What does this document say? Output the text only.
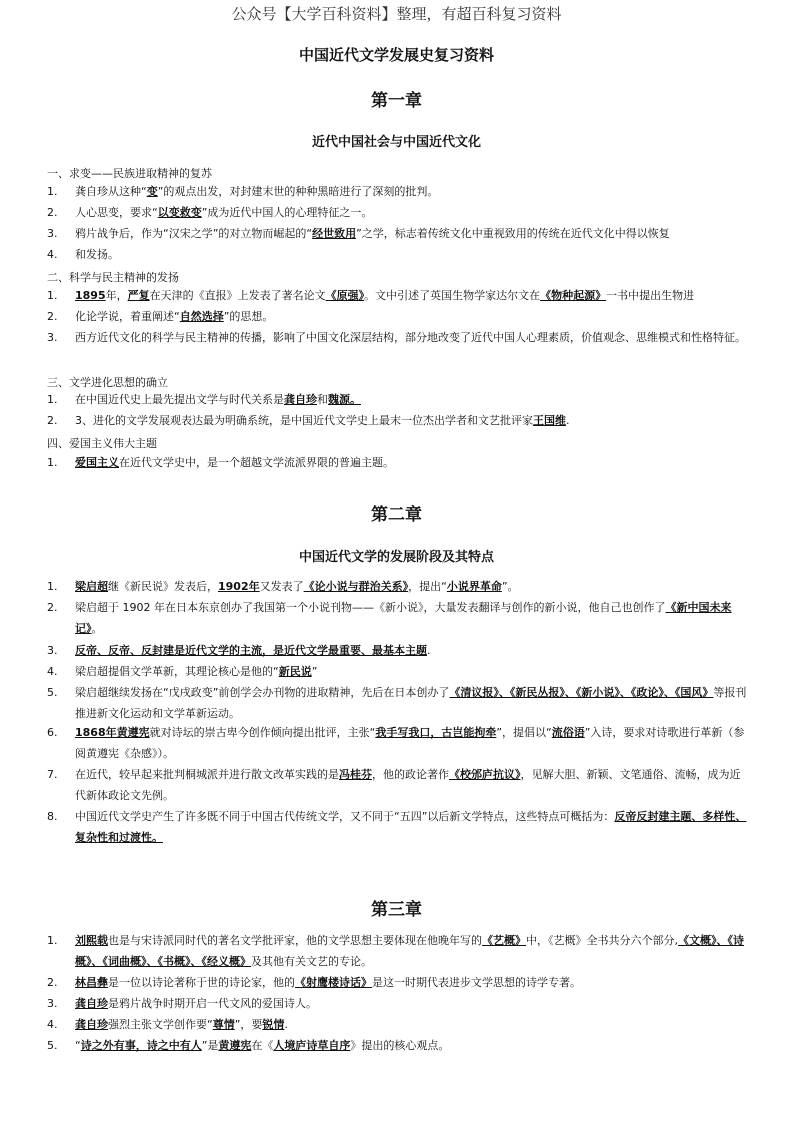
公众号【大学百科资料】整理，有超百科复习资料
中国近代文学发展史复习资料
第一章
近代中国社会与中国近代文化
一、求变——民族进取精神的复苏
1.	龚自珍从这种“变”的观点出发，对封建末世的种种黑暗进行了深刻的批判。
2.	人心思变，要求“以变救变”成为近代中国人的心理特征之一。
3.	鸦片战争后，作为“汉宋之学”的对立物而崛起的“经世致用”之学，标志着传统文化中重视致用的传统在近代文化中得以恢复
4.	和发扬。
二、科学与民主精神的发扬
1.	1895年，严复在天津的《直报》上发表了著名论文《原强》。文中引述了英国生物学家达尔文在《物种起源》一书中提出生物进
2.	化论学说，着重阐述“自然选择”的思想。
3.	西方近代文化的科学与民主精神的传播，影响了中国文化深层结构，部分地改变了近代中国人心理素质，价值观念、思维模式和性格特征。
三、文学进化思想的确立
1.	在中国近代史上最先提出文学与时代关系是龚自珍和魏源。
2.	3、进化的文学发展观表达最为明确系统，是中国近代文学史上最末一位杰出学者和文艺批评家王国维.
四、爱国主义伟大主题
1.	爱国主义在近代文学史中，是一个超越文学流派界限的普遍主题。
第二章
中国近代文学的发展阶段及其特点
1.	梁启超继《新民说》发表后，1902年又发表了《论小说与群治关系》，提出“小说界革命”。
2.	梁启超于 1902 年在日本东京创办了我国第一个小说刊物——《新小说》，大量发表翻译与创作的新小说，他自己也创作了《新中国未来记》。
3.	反帝、反帝、反封建是近代文学的主流，是近代文学最重要、最基本主题.
4.	梁启超提倡文学革新，其理论核心是他的“新民说”
5.	梁启超继续发扬在“戊戌政变”前创学会办刊物的进取精神，先后在日本创办了《清议报》、《新民丛报》、《新小说》、《政论》、《国风》等报刊推进新文化运动和文学革新运动。
6.	1868年黄遵宪就对诗坛的崇古卑今创作倾向提出批评，主张“我手写我口，古岂能拘牵”，提倡以“流俗语”入诗，要求对诗歌进行革新（参阅黄遵宪《杂感》）。
7.	在近代，较早起来批判桐城派并进行散文改革实践的是冯桂芬，他的政论著作《校邠庐抗议》，见解大胆、新颖、文笔通俗、流畅，成为近代新体政论文先例。
8.	中国近代文学史产生了许多既不同于中国古代传统文学，又不同于“五四”以后新文学特点，这些特点可概括为：反帝反封建主题、多样性、复杂性和过渡性。
第三章
1.	刘熙载也是与宋诗派同时代的著名文学批评家，他的文学思想主要体现在他晚年写的《艺概》中，《艺概》全书共分六个部分,《文概》、《诗概》、《词曲概》、《书概》、《经义概》及其他有关文艺的专论。
2.	林昌彝是一位以诗论著称于世的诗论家，他的《射鹰楼诗话》是这一时期代表进步文学思想的诗学专著。
3.	龚自珍是鸦片战争时期开启一代文风的爱国诗人。
4.	龚自珍强烈主张文学创作要“尊情”，要锐情.
5.	“诗之外有事，诗之中有人”是黄遵宪在《人境庐诗草自序》提出的核心观点。
